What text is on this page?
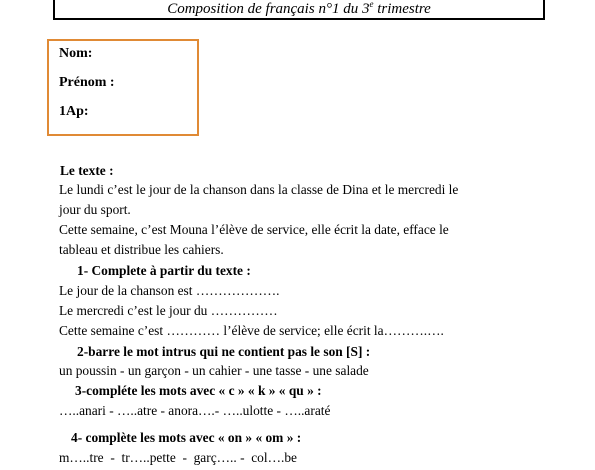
Composition de français n°1 du 3e trimestre
Nom:
Prénom :
1Ap:
Le texte :
Le lundi c’est le jour de la chanson dans la classe de Dina et le mercredi le
jour du sport.
Cette semaine, c’est Mouna l’élève de service, elle écrit la date, efface le
tableau et distribue les cahiers.
1- Complete à partir du texte :
Le jour de la chanson est ……………….
Le mercredi c’est le jour du ……………
Cette semaine c’est ………… l’élève de service; elle écrit la……….….
2-barre le mot intrus qui ne contient pas le son [S] :
un poussin - un garçon - un cahier - une tasse - une salade
3-compléte les mots avec « c » « k » « qu » :
…..anari - …..atre - anora….- …..ulotte - …..araté
4- complète les mots avec « on » « om » :
m…..tre  -  tr…..pette  -  garç….. -  col….be
